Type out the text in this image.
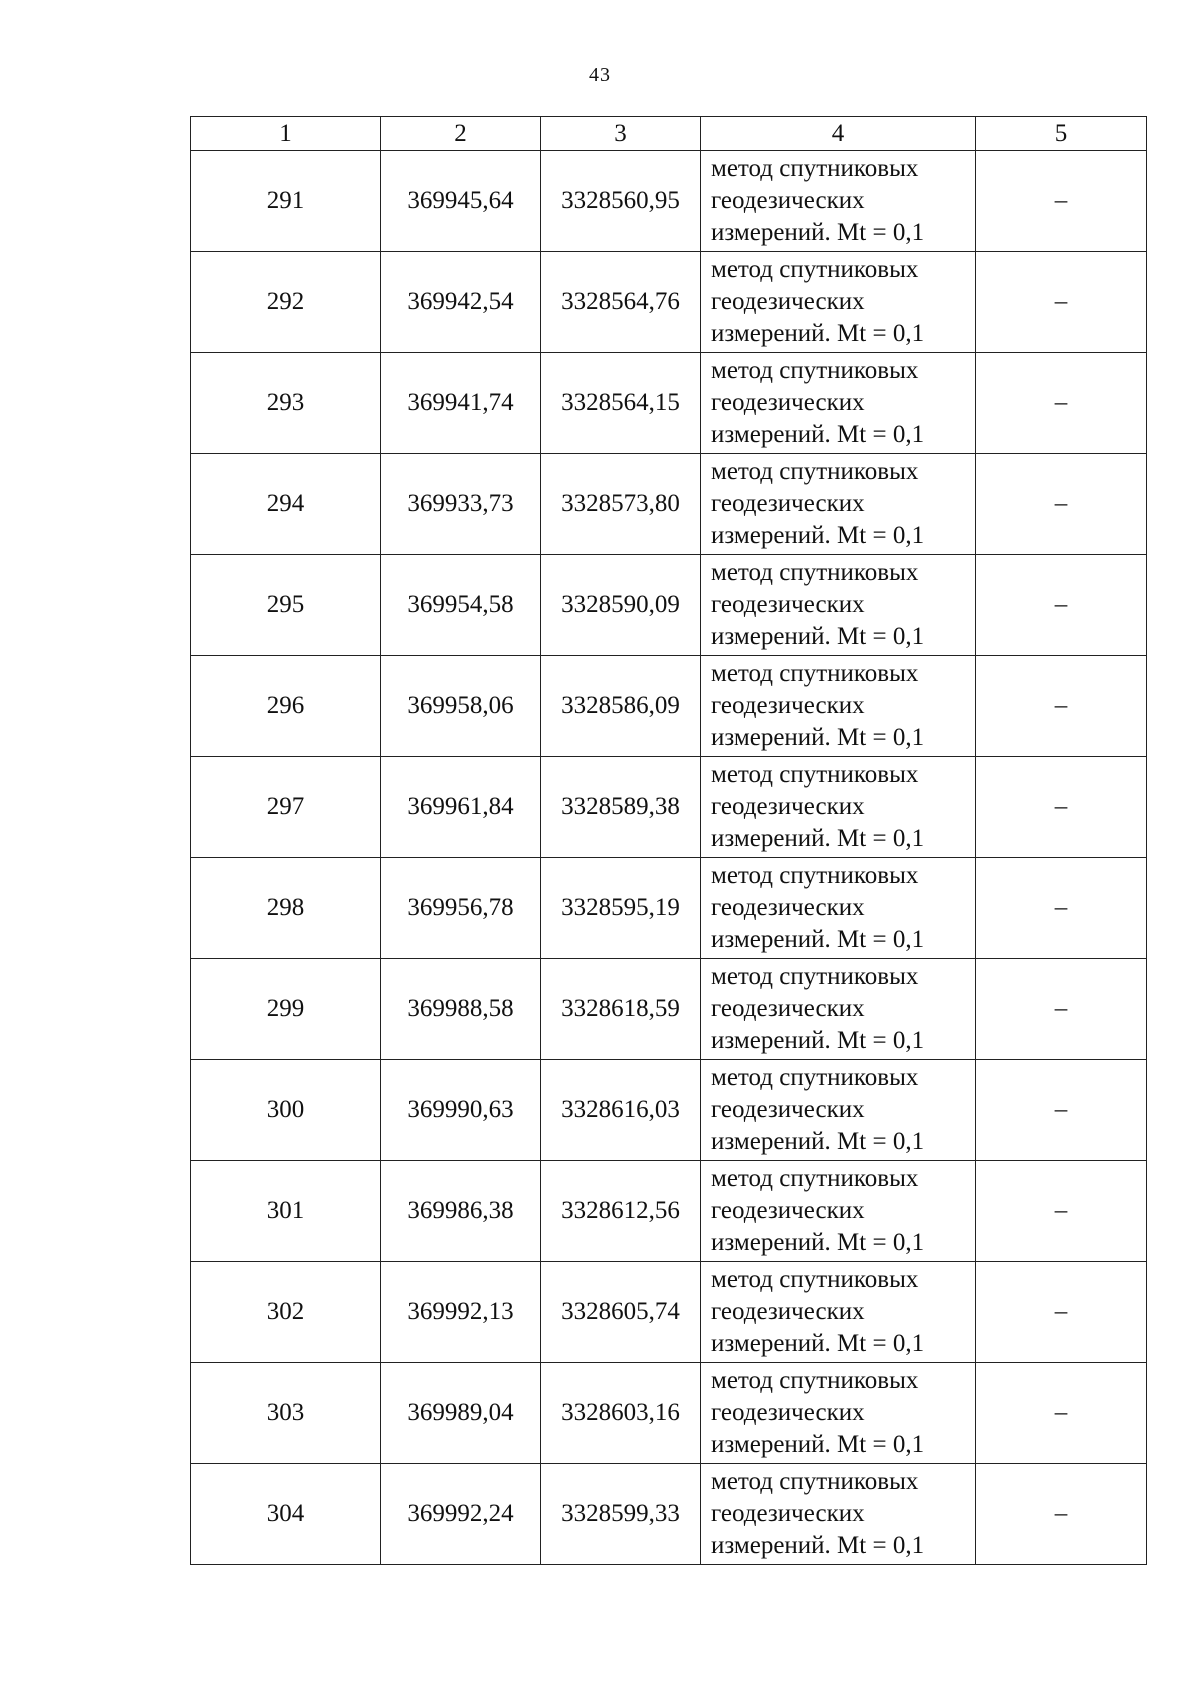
43
1	2	3	4	5
291	369945,64	3328560,95	метод спутниковых
геодезических
измерений. Mt = 0,1	–
292	369942,54	3328564,76	метод спутниковых
геодезических
измерений. Mt = 0,1	–
293	369941,74	3328564,15	метод спутниковых
геодезических
измерений. Mt = 0,1	–
294	369933,73	3328573,80	метод спутниковых
геодезических
измерений. Mt = 0,1	–
295	369954,58	3328590,09	метод спутниковых
геодезических
измерений. Mt = 0,1	–
296	369958,06	3328586,09	метод спутниковых
геодезических
измерений. Mt = 0,1	–
297	369961,84	3328589,38	метод спутниковых
геодезических
измерений. Mt = 0,1	–
298	369956,78	3328595,19	метод спутниковых
геодезических
измерений. Mt = 0,1	–
299	369988,58	3328618,59	метод спутниковых
геодезических
измерений. Mt = 0,1	–
300	369990,63	3328616,03	метод спутниковых
геодезических
измерений. Mt = 0,1	–
301	369986,38	3328612,56	метод спутниковых
геодезических
измерений. Mt = 0,1	–
302	369992,13	3328605,74	метод спутниковых
геодезических
измерений. Mt = 0,1	–
303	369989,04	3328603,16	метод спутниковых
геодезических
измерений. Mt = 0,1	–
304	369992,24	3328599,33	метод спутниковых
геодезических
измерений. Mt = 0,1	–
